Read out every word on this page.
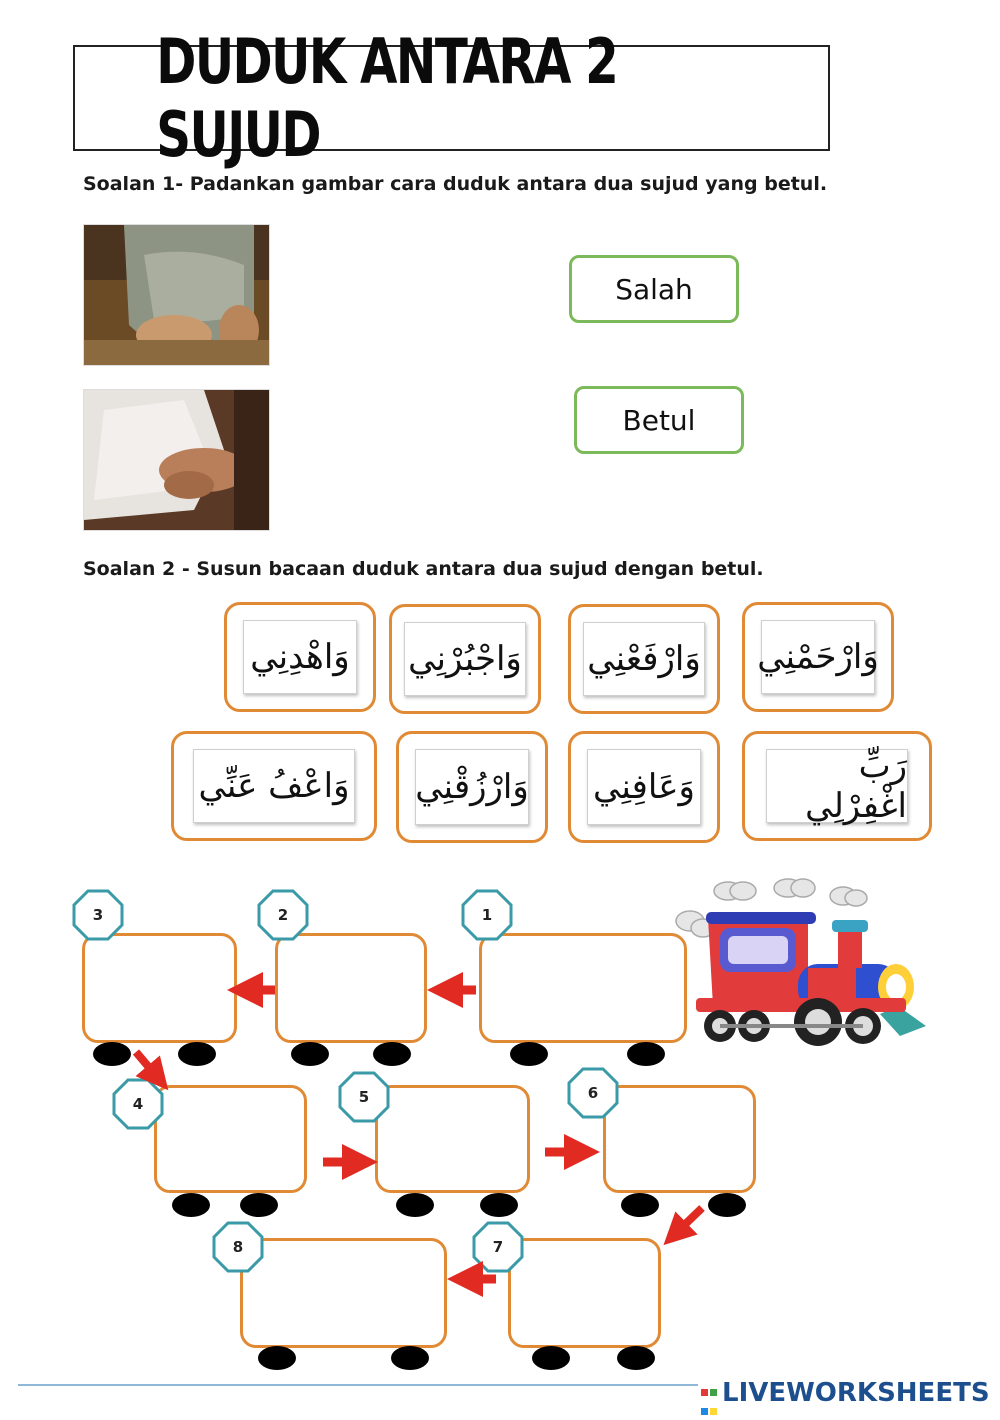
DUDUK ANTARA 2 SUJUD
Soalan 1- Padankan gambar cara duduk antara dua sujud yang betul.
Salah
Betul
Soalan 2 - Susun bacaan duduk antara dua sujud dengan betul.
وَاهْدِنِي وَاجْبُرْنِي وَارْفَعْنِي وَارْحَمْنِي
وَاعْفُ عَنِّي وَارْزُقْنِي وَعَافِنِي
رَبِّ اغْفِرْلِي
3	2	1
4	5	6
7
8

LIVEWORKSHEETS
